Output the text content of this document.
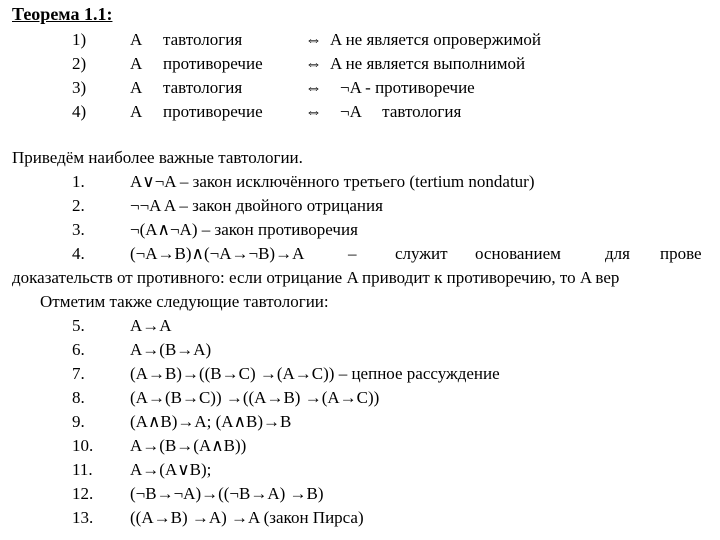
Теорема 1.1:
1)	A тавтология	⇔ A не является опровержимой
2)	A противоречие ⇔ A не является выполнимой
3)	A тавтология	⇔ ¬A - противоречие
4)	A противоречие ⇔ ¬A     тавтология
Приведём наиболее важные тавтологии.
1.	A∨¬A – закон исключённого третьего (tertium nondatur)
2.	¬¬A A – закон двойного отрицания
3.	¬(A∧¬A) – закон противоречия
4.	(¬A→B)∧(¬A→¬B)→A	– служит основанием	для прове
доказательств от противного: если отрицание A приводит к противоречию, то A вер
Отметим также следующие тавтологии:
5.	A→A
6.	A→(B→A)
7.	(A→B)→((B→C) →(A→C)) – цепное рассуждение
8.	(A→(B→C)) →((A→B) →(A→C))
9.	(A∧B)→A; (A∧B)→B
10. A→(B→(A∧B))
11. A→(A∨B);
12. (¬B→¬A)→((¬B→A) →B)
13. ((A→B) →A) →A (закон Пирса)
